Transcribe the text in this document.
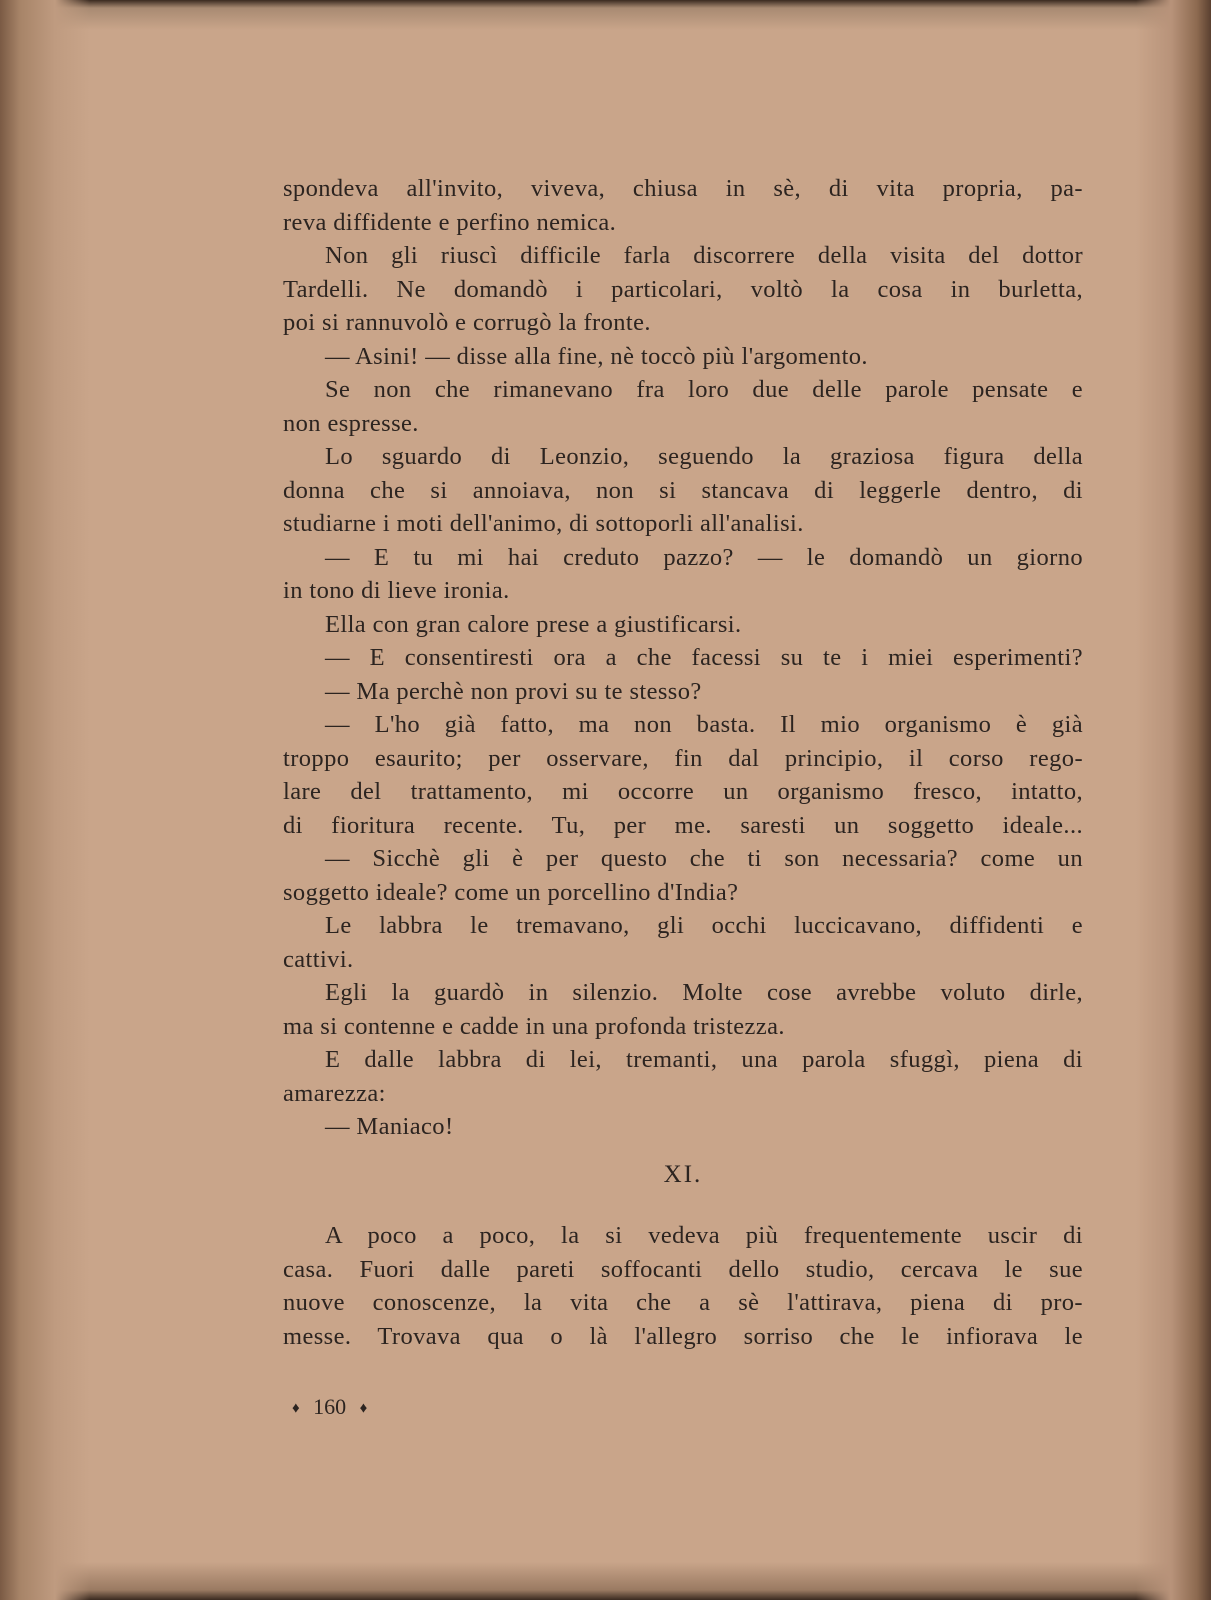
spondeva all'invito, viveva, chiusa in sè, di vita propria, pa-
reva diffidente e perfino nemica.
Non gli riuscì difficile farla discorrere della visita del dottor
Tardelli. Ne domandò i particolari, voltò la cosa in burletta,
poi si rannuvolò e corrugò la fronte.
— Asini! — disse alla fine, nè toccò più l'argomento.
Se non che rimanevano fra loro due delle parole pensate e
non espresse.
Lo sguardo di Leonzio, seguendo la graziosa figura della
donna che si annoiava, non si stancava di leggerle dentro, di
studiarne i moti dell'animo, di sottoporli all'analisi.
— E tu mi hai creduto pazzo? — le domandò un giorno
in tono di lieve ironia.
Ella con gran calore prese a giustificarsi.
— E consentiresti ora a che facessi su te i miei esperimenti?
— Ma perchè non provi su te stesso?
— L'ho già fatto, ma non basta. Il mio organismo è già
troppo esaurito; per osservare, fin dal principio, il corso rego-
lare del trattamento, mi occorre un organismo fresco, intatto,
di fioritura recente. Tu, per me. saresti un soggetto ideale...
— Sicchè gli è per questo che ti son necessaria? come un
soggetto ideale? come un porcellino d'India?
Le labbra le tremavano, gli occhi luccicavano, diffidenti e
cattivi.
Egli la guardò in silenzio. Molte cose avrebbe voluto dirle,
ma si contenne e cadde in una profonda tristezza.
E dalle labbra di lei, tremanti, una parola sfuggì, piena di
amarezza:
— Maniaco!
XI.
A poco a poco, la si vedeva più frequentemente uscir di
casa. Fuori dalle pareti soffocanti dello studio, cercava le sue
nuove conoscenze, la vita che a sè l'attirava, piena di pro-
messe. Trovava qua o là l'allegro sorriso che le infiorava le
♦ 160 ♦
